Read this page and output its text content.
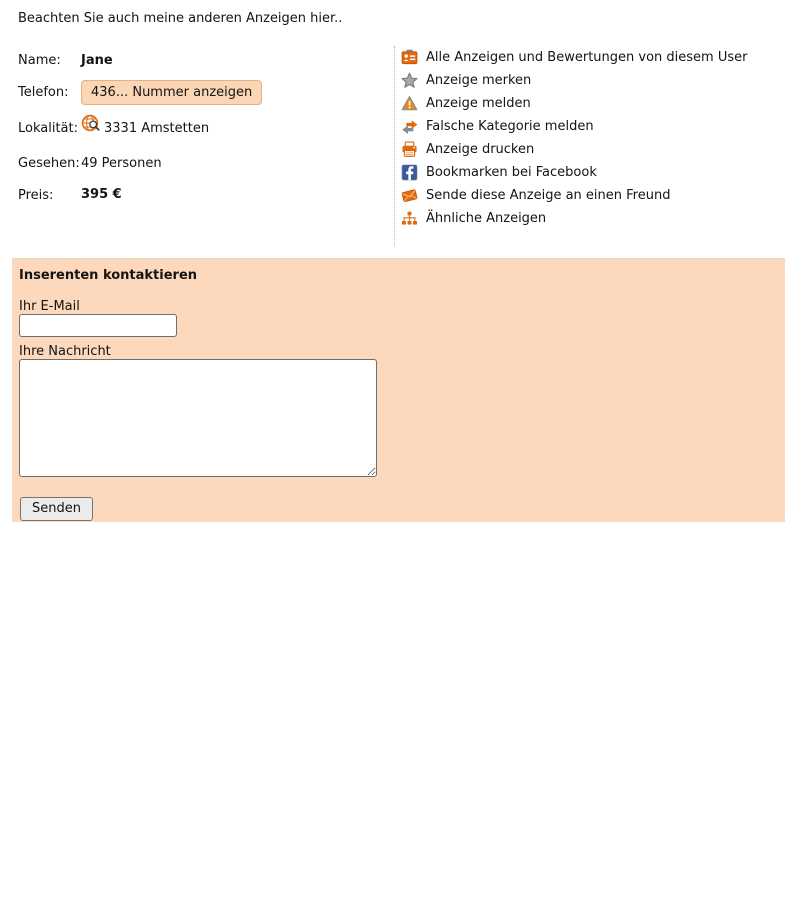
Beachten Sie auch meine anderen Anzeigen hier..
Name: Jane
Telefon:	436... Nummer anzeigen
Lokalität: 3331 Amstetten
Gesehen: 49 Personen
Preis: 395 €
Alle Anzeigen und Bewertungen von diesem User
Anzeige merken
Anzeige melden
Falsche Kategorie melden
Anzeige drucken
Bookmarken bei Facebook
Sende diese Anzeige an einen Freund
Ähnliche Anzeigen
Inserenten kontaktieren
Ihr E-Mail
Ihre Nachricht
Senden
